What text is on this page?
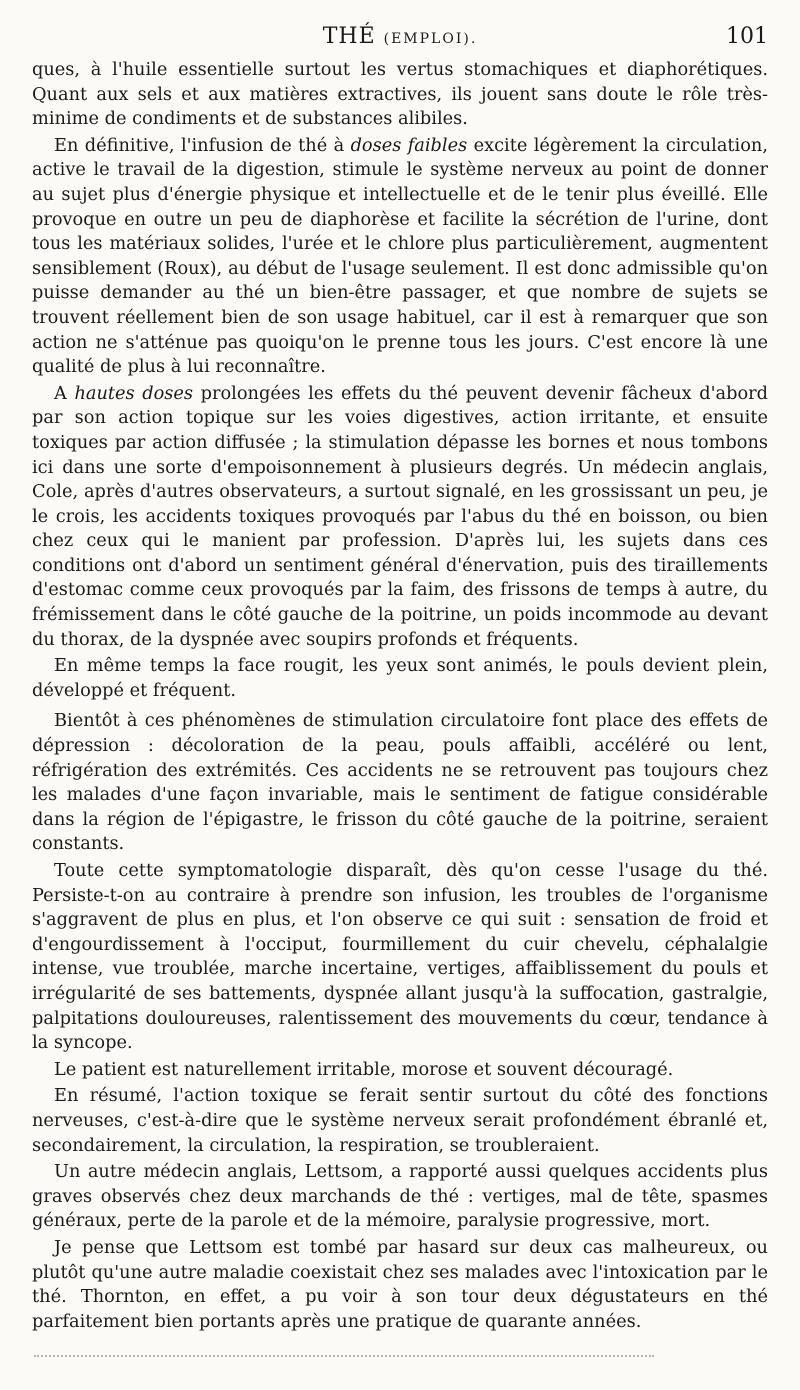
THÉ (EMPLOI).	101

ques, à l'huile essentielle surtout les vertus stomachiques et diaphorétiques. Quant aux sels et aux matières extractives, ils jouent sans doute le rôle très-minime de condiments et de substances alibiles.

En définitive, l'infusion de thé à doses faibles excite légèrement la circulation, active le travail de la digestion, stimule le système nerveux au point de donner au sujet plus d'énergie physique et intellectuelle et de le tenir plus éveillé. Elle provoque en outre un peu de diaphorèse et facilite la sécrétion de l'urine, dont tous les matériaux solides, l'urée et le chlore plus particulièrement, augmentent sensiblement (Roux), au début de l'usage seulement. Il est donc admissible qu'on puisse demander au thé un bien-être passager, et que nombre de sujets se trouvent réellement bien de son usage habituel, car il est à remarquer que son action ne s'atténue pas quoiqu'on le prenne tous les jours. C'est encore là une qualité de plus à lui reconnaître.

A hautes doses prolongées les effets du thé peuvent devenir fâcheux d'abord par son action topique sur les voies digestives, action irritante, et ensuite toxiques par action diffusée ; la stimulation dépasse les bornes et nous tombons ici dans une sorte d'empoisonnement à plusieurs degrés. Un médecin anglais, Cole, après d'autres observateurs, a surtout signalé, en les grossissant un peu, je le crois, les accidents toxiques provoqués par l'abus du thé en boisson, ou bien chez ceux qui le manient par profession. D'après lui, les sujets dans ces conditions ont d'abord un sentiment général d'énervation, puis des tiraillements d'estomac comme ceux provoqués par la faim, des frissons de temps à autre, du frémissement dans le côté gauche de la poitrine, un poids incommode au devant du thorax, de la dyspnée avec soupirs profonds et fréquents.

En même temps la face rougit, les yeux sont animés, le pouls devient plein, développé et fréquent.

Bientôt à ces phénomènes de stimulation circulatoire font place des effets de dépression : décoloration de la peau, pouls affaibli, accéléré ou lent, réfrigération des extrémités. Ces accidents ne se retrouvent pas toujours chez les malades d'une façon invariable, mais le sentiment de fatigue considérable dans la région de l'épigastre, le frisson du côté gauche de la poitrine, seraient constants.

Toute cette symptomatologie disparaît, dès qu'on cesse l'usage du thé. Persiste-t-on au contraire à prendre son infusion, les troubles de l'organisme s'aggravent de plus en plus, et l'on observe ce qui suit : sensation de froid et d'engourdissement à l'occiput, fourmillement du cuir chevelu, céphalalgie intense, vue troublée, marche incertaine, vertiges, affaiblissement du pouls et irrégularité de ses battements, dyspnée allant jusqu'à la suffocation, gastralgie, palpitations douloureuses, ralentissement des mouvements du cœur, tendance à la syncope.

Le patient est naturellement irritable, morose et souvent découragé.

En résumé, l'action toxique se ferait sentir surtout du côté des fonctions nerveuses, c'est-à-dire que le système nerveux serait profondément ébranlé et, secondairement, la circulation, la respiration, se troubleraient.

Un autre médecin anglais, Lettsom, a rapporté aussi quelques accidents plus graves observés chez deux marchands de thé : vertiges, mal de tête, spasmes généraux, perte de la parole et de la mémoire, paralysie progressive, mort.

Je pense que Lettsom est tombé par hasard sur deux cas malheureux, ou plutôt qu'une autre maladie coexistait chez ses malades avec l'intoxication par le thé. Thornton, en effet, a pu voir à son tour deux dégustateurs en thé parfaitement bien portants après une pratique de quarante années.
